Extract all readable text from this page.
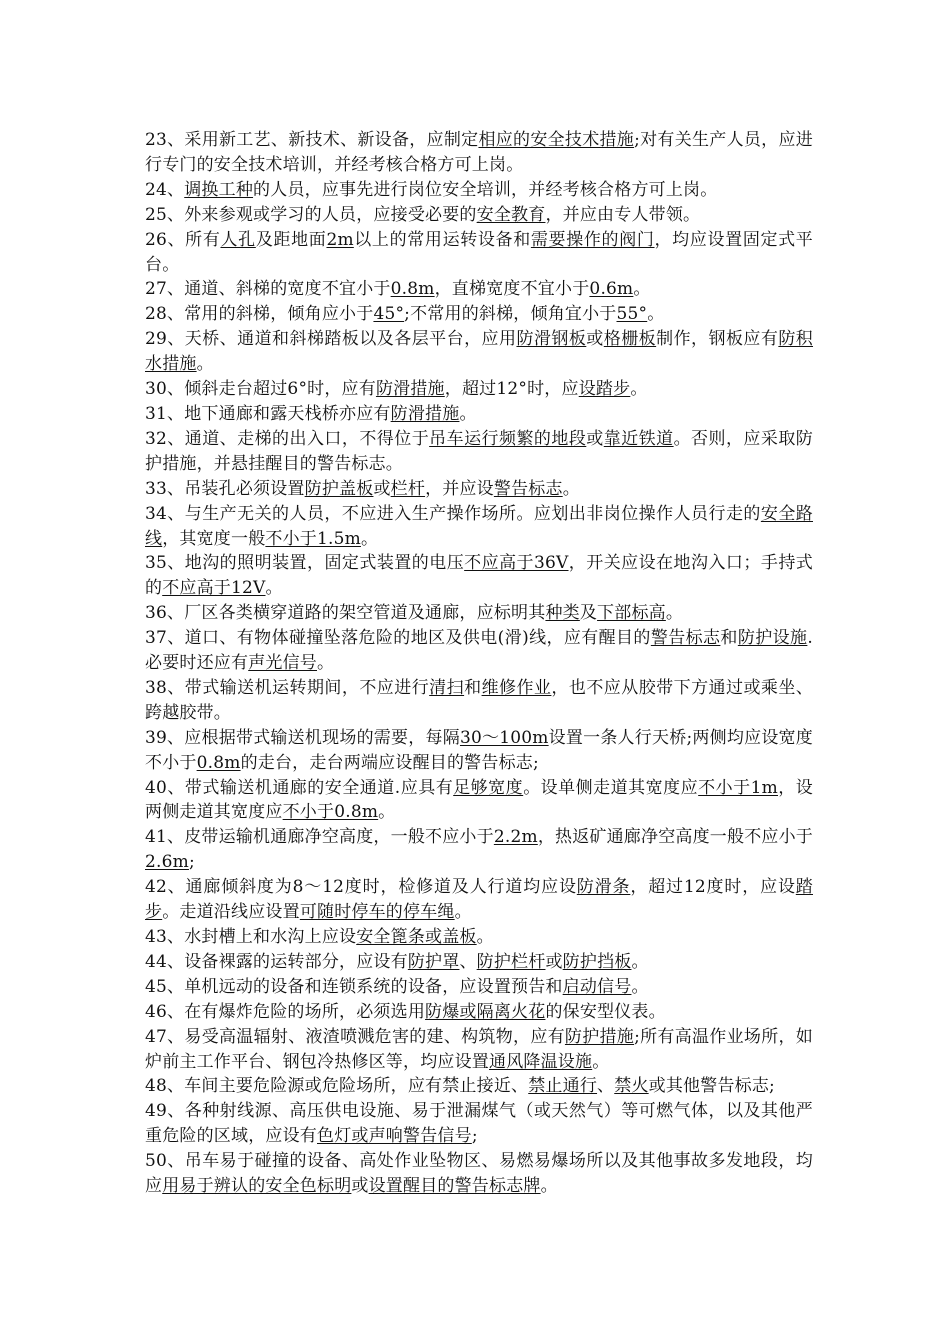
23、采用新工艺、新技术、新设备，应制定相应的安全技术措施;对有关生产人员，应进行专门的安全技术培训，并经考核合格方可上岗。

24、调换工种的人员，应事先进行岗位安全培训，并经考核合格方可上岗。

25、外来参观或学习的人员，应接受必要的安全教育，并应由专人带领。

26、所有人孔及距地面2m以上的常用运转设备和需要操作的阀门，均应设置固定式平台。

27、通道、斜梯的宽度不宜小于0.8m，直梯宽度不宜小于0.6m。

28、常用的斜梯，倾角应小于45°;不常用的斜梯，倾角宜小于55°。

29、天桥、通道和斜梯踏板以及各层平台，应用防滑钢板或格栅板制作，钢板应有防积水措施。

30、倾斜走台超过6°时，应有防滑措施，超过12°时，应设踏步。

31、地下通廊和露天栈桥亦应有防滑措施。

32、通道、走梯的出入口，不得位于吊车运行频繁的地段或靠近铁道。否则，应采取防护措施，并悬挂醒目的警告标志。

33、吊装孔必须设置防护盖板或栏杆，并应设警告标志。

34、与生产无关的人员，不应进入生产操作场所。应划出非岗位操作人员行走的安全路线，其宽度一般不小于1.5m。

35、地沟的照明装置，固定式装置的电压不应高于36V，开关应设在地沟入口；手持式的不应高于12V。

36、厂区各类横穿道路的架空管道及通廊，应标明其种类及下部标高。

37、道口、有物体碰撞坠落危险的地区及供电(滑)线，应有醒目的警告标志和防护设施.必要时还应有声光信号。

38、带式输送机运转期间，不应进行清扫和维修作业，也不应从胶带下方通过或乘坐、跨越胶带。

39、应根据带式输送机现场的需要，每隔30～100m设置一条人行天桥;两侧均应设宽度不小于0.8m的走台，走台两端应设醒目的警告标志;

40、带式输送机通廊的安全通道.应具有足够宽度。设单侧走道其宽度应不小于1m，设两侧走道其宽度应不小于0.8m。

41、皮带运输机通廊净空高度，一般不应小于2.2m，热返矿通廊净空高度一般不应小于2.6m;

42、通廊倾斜度为8～12度时，检修道及人行道均应设防滑条，超过12度时，应设踏步。走道沿线应设置可随时停车的停车绳。

43、水封槽上和水沟上应设安全篦条或盖板。

44、设备裸露的运转部分，应设有防护罩、防护栏杆或防护挡板。

45、单机远动的设备和连锁系统的设备，应设置预告和启动信号。

46、在有爆炸危险的场所，必须选用防爆或隔离火花的保安型仪表。

47、易受高温辐射、液渣喷溅危害的建、构筑物，应有防护措施;所有高温作业场所，如炉前主工作平台、钢包冷热修区等，均应设置通风降温设施。

48、车间主要危险源或危险场所，应有禁止接近、禁止通行、禁火或其他警告标志;

49、各种射线源、高压供电设施、易于泄漏煤气（或天然气）等可燃气体，以及其他严重危险的区域，应设有色灯或声响警告信号;

50、吊车易于碰撞的设备、高处作业坠物区、易燃易爆场所以及其他事故多发地段，均应用易于辨认的安全色标明或设置醒目的警告标志牌。
